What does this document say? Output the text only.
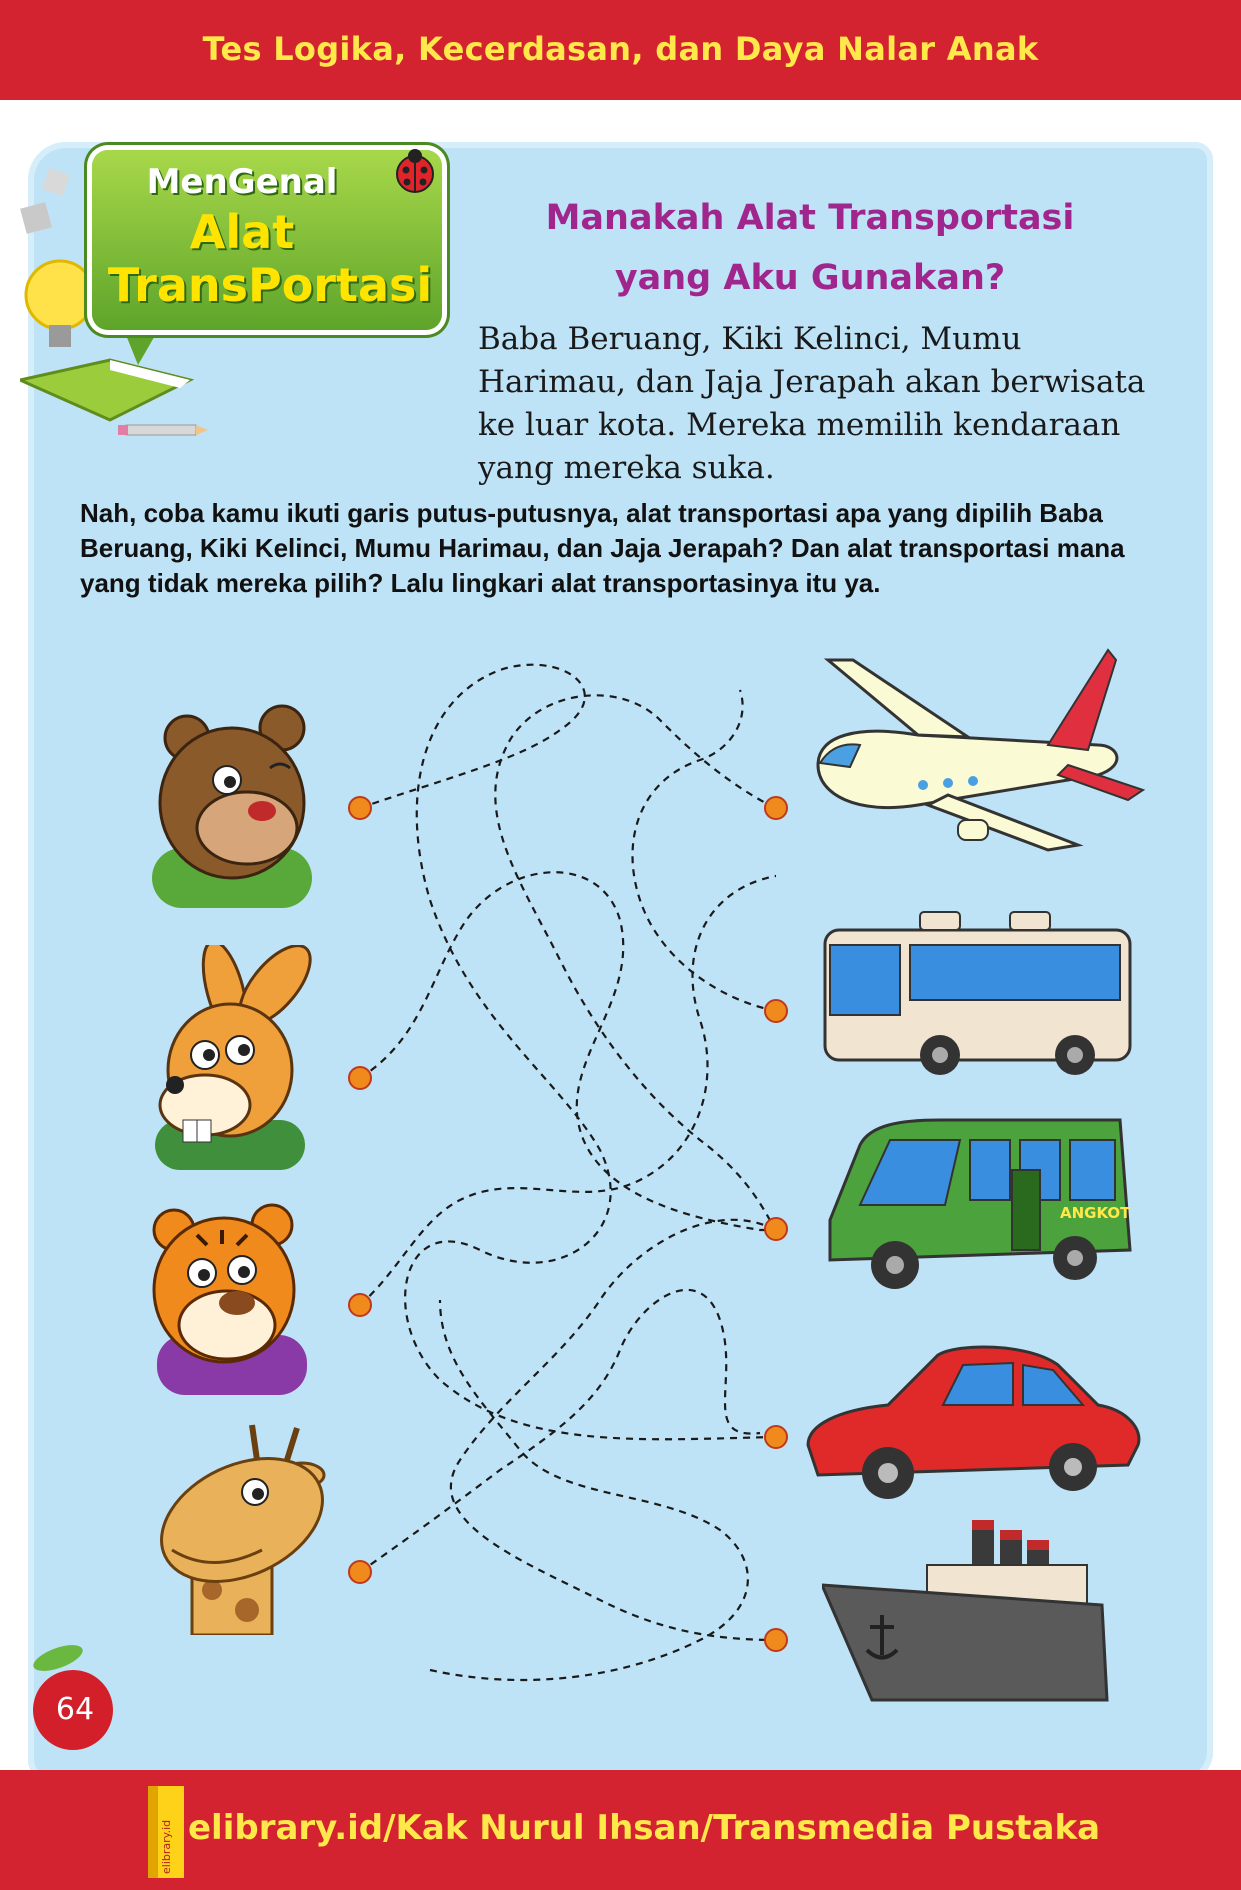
Tes Logika, Kecerdasan, dan Daya Nalar Anak
MenGenal
Alat
TransPortasi
Manakah Alat Transportasi
yang Aku Gunakan?
Baba Beruang, Kiki Kelinci, Mumu Harimau, dan Jaja Jerapah akan berwisata ke luar kota. Mereka memilih kendaraan yang mereka suka.
Nah, coba kamu ikuti garis putus-putusnya, alat transportasi apa yang dipilih Baba Beruang, Kiki Kelinci, Mumu Harimau, dan Jaja Jerapah? Dan alat transportasi mana yang tidak mereka pilih? Lalu lingkari alat transportasinya itu ya.
ANGKOT
elibrary.id elibrary.id/Kak Nurul Ihsan/Transmedia Pustaka
64
